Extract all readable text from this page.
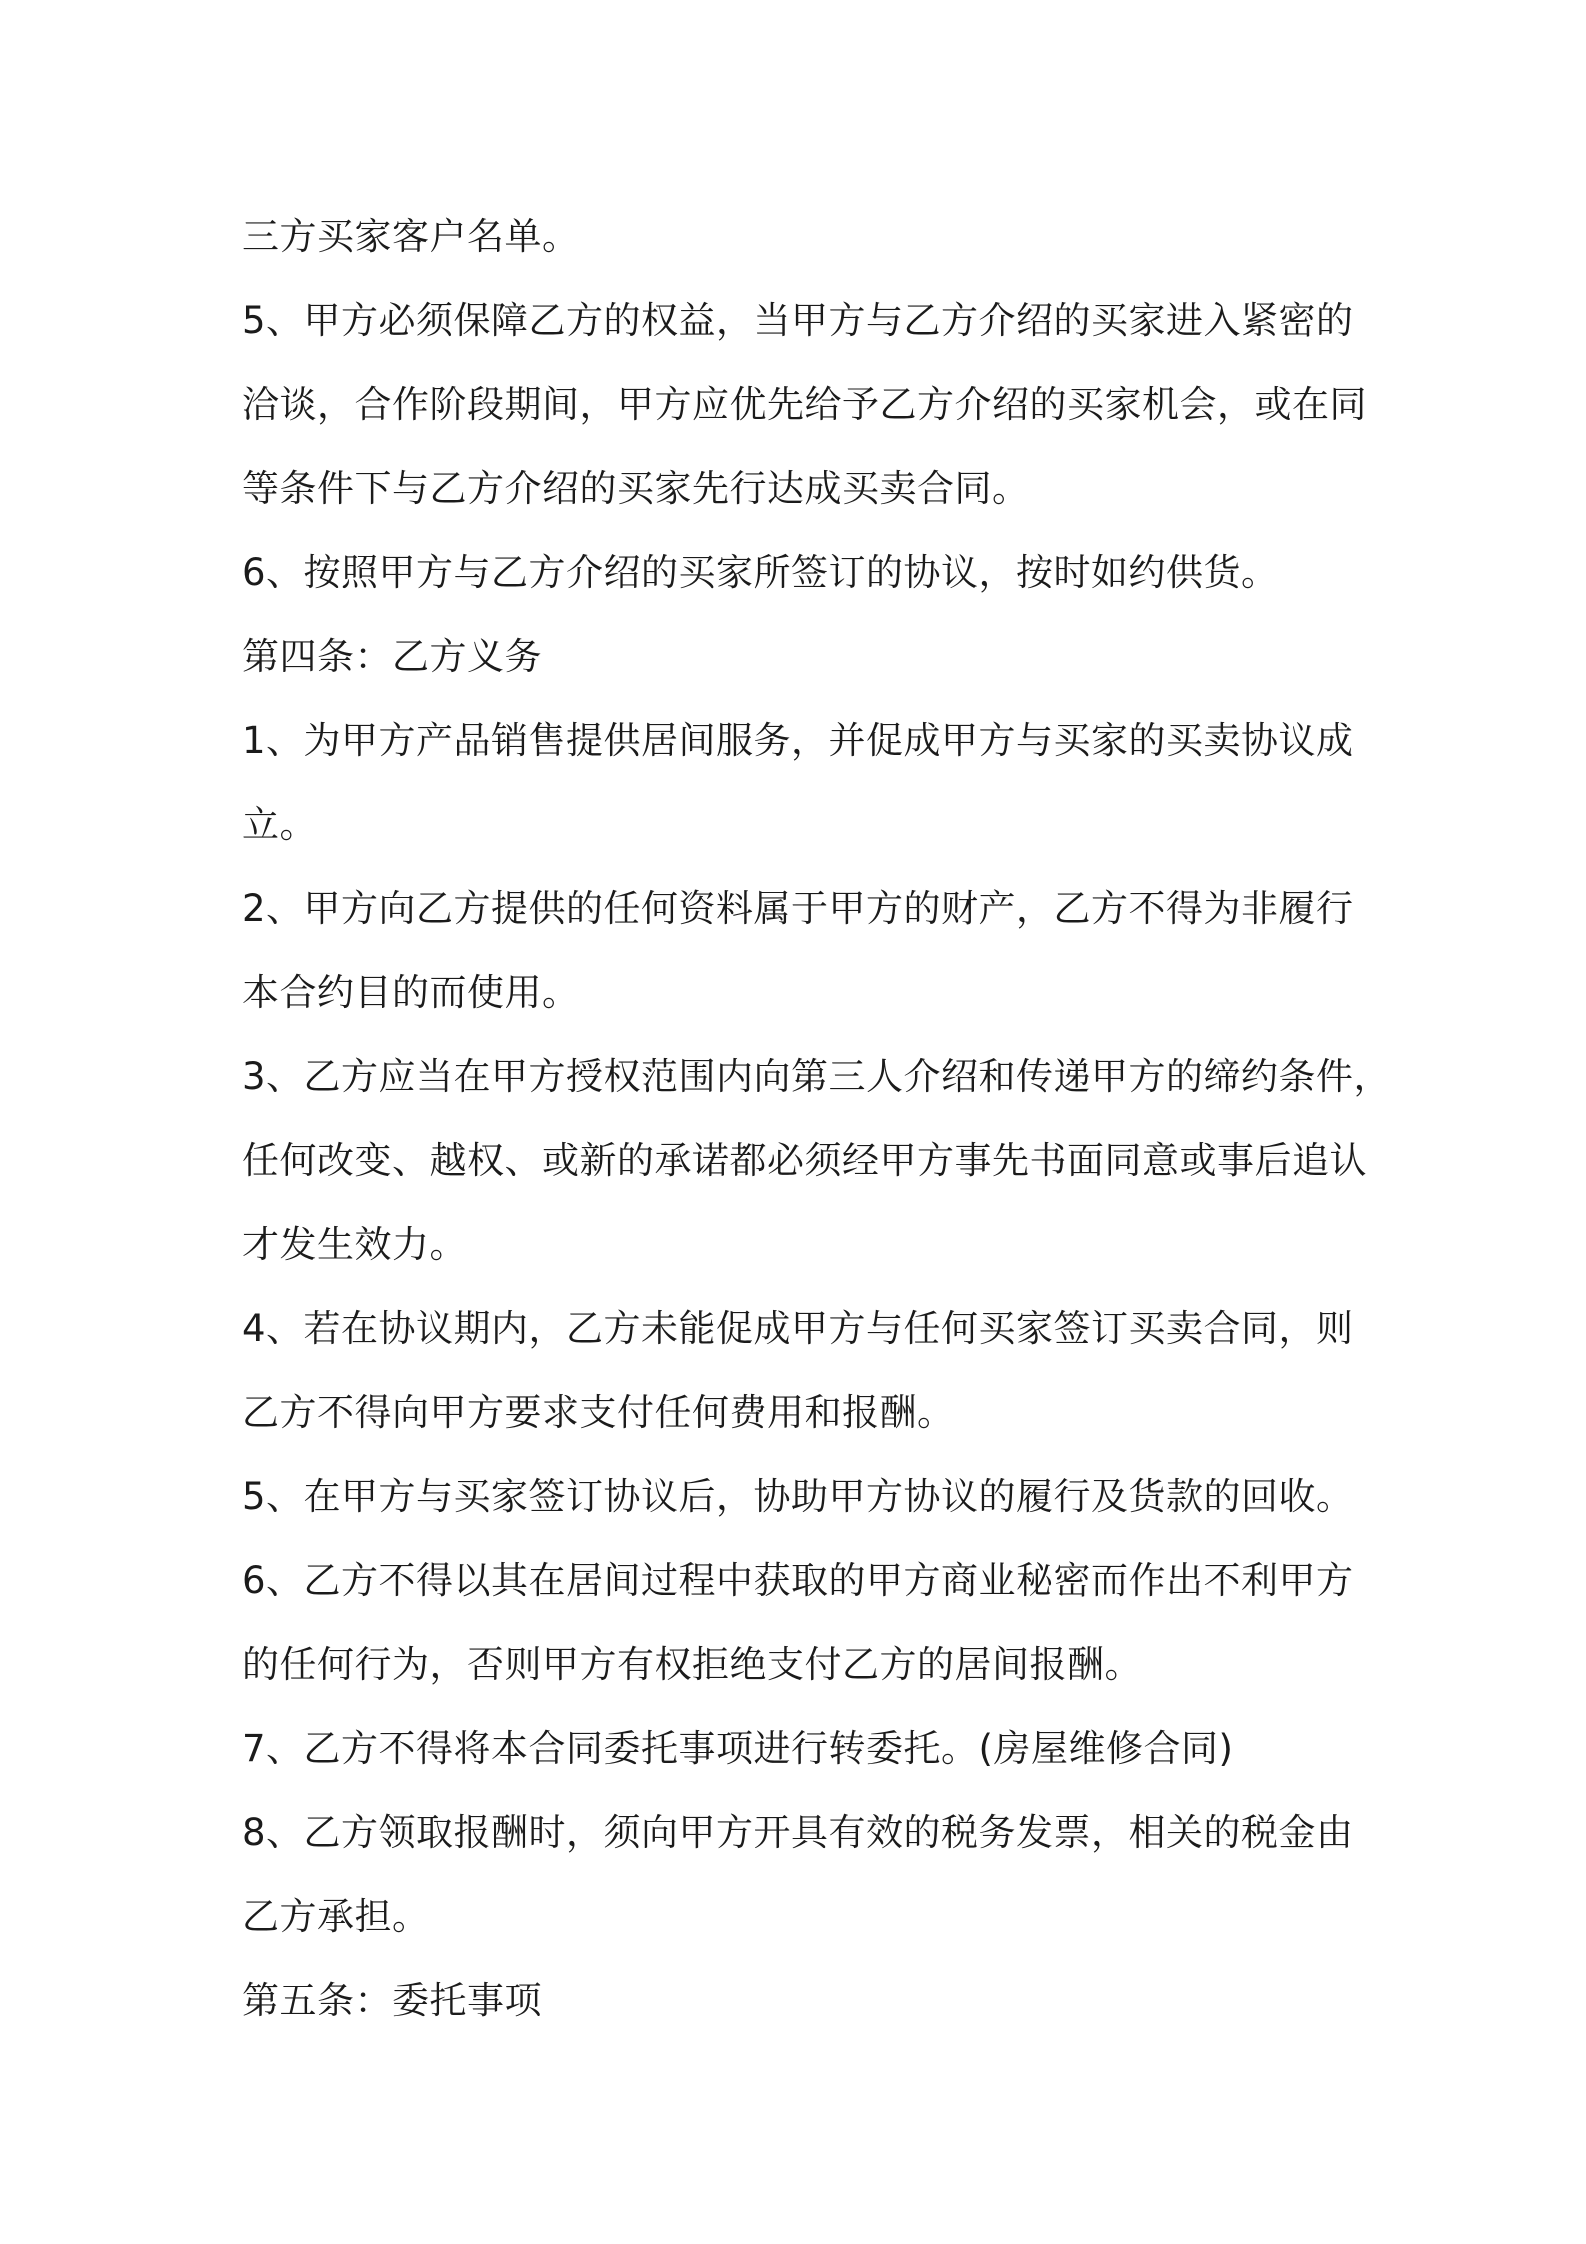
三方买家客户名单。
5、甲方必须保障乙方的权益，当甲方与乙方介绍的买家进入紧密的
洽谈，合作阶段期间，甲方应优先给予乙方介绍的买家机会，或在同
等条件下与乙方介绍的买家先行达成买卖合同。
6、按照甲方与乙方介绍的买家所签订的协议，按时如约供货。
第四条：乙方义务
1、为甲方产品销售提供居间服务，并促成甲方与买家的买卖协议成
立。
2、甲方向乙方提供的任何资料属于甲方的财产，乙方不得为非履行
本合约目的而使用。
3、乙方应当在甲方授权范围内向第三人介绍和传递甲方的缔约条件，
任何改变、越权、或新的承诺都必须经甲方事先书面同意或事后追认
才发生效力。
4、若在协议期内，乙方未能促成甲方与任何买家签订买卖合同，则
乙方不得向甲方要求支付任何费用和报酬。
5、在甲方与买家签订协议后，协助甲方协议的履行及货款的回收。
6、乙方不得以其在居间过程中获取的甲方商业秘密而作出不利甲方
的任何行为，否则甲方有权拒绝支付乙方的居间报酬。
7、乙方不得将本合同委托事项进行转委托。(房屋维修合同)
8、乙方领取报酬时，须向甲方开具有效的税务发票，相关的税金由
乙方承担。
第五条：委托事项
